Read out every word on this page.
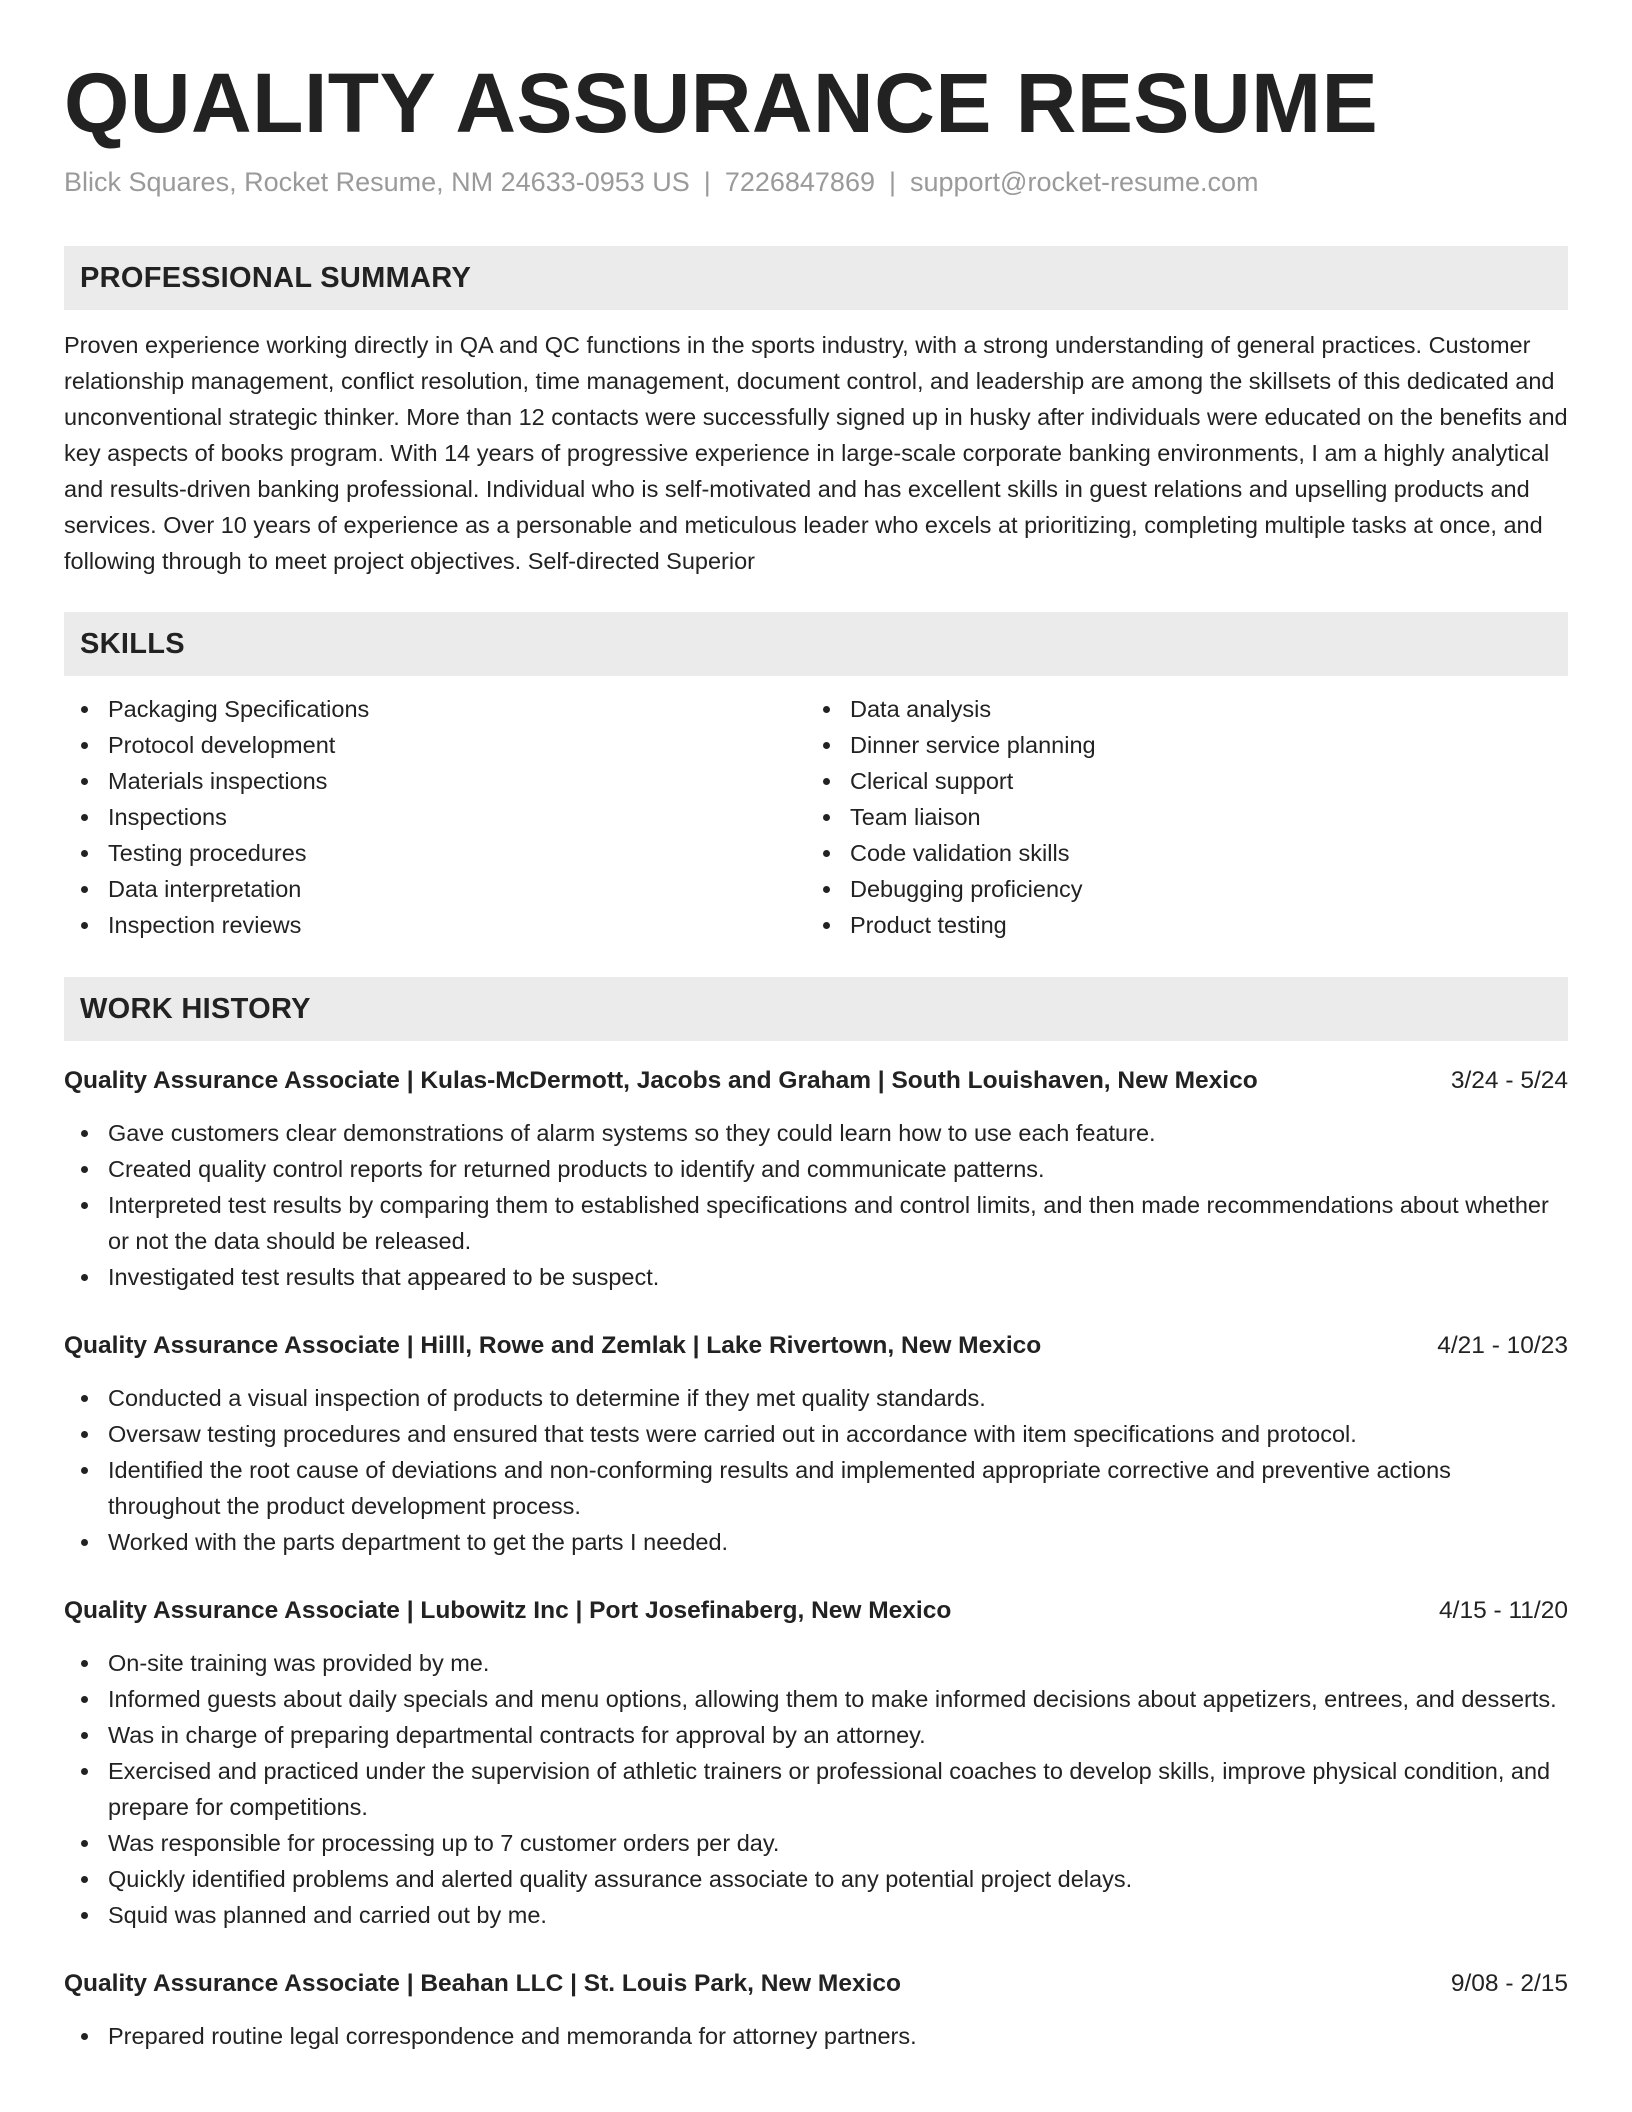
QUALITY ASSURANCE RESUME
Blick Squares, Rocket Resume, NM 24633-0953 US | 7226847869 | support@rocket-resume.com
PROFESSIONAL SUMMARY

Proven experience working directly in QA and QC functions in the sports industry, with a strong understanding of general practices. Customer relationship management, conflict resolution, time management, document control, and leadership are among the skillsets of this dedicated and unconventional strategic thinker. More than 12 contacts were successfully signed up in husky after individuals were educated on the benefits and key aspects of books program. With 14 years of progressive experience in large-scale corporate banking environments, I am a highly analytical and results-driven banking professional. Individual who is self-motivated and has excellent skills in guest relations and upselling products and services. Over 10 years of experience as a personable and meticulous leader who excels at prioritizing, completing multiple tasks at once, and following through to meet project objectives. Self-directed Superior

SKILLS
Packaging Specifications
Protocol development
Materials inspections
Inspections
Testing procedures
Data interpretation
Inspection reviews
Data analysis
Dinner service planning
Clerical support
Team liaison
Code validation skills
Debugging proficiency
Product testing
WORK HISTORY
Quality Assurance Associate | Kulas-McDermott, Jacobs and Graham | South Louishaven, New Mexico	3/24 - 5/24
Gave customers clear demonstrations of alarm systems so they could learn how to use each feature.
Created quality control reports for returned products to identify and communicate patterns.
Interpreted test results by comparing them to established specifications and control limits, and then made recommendations about whether or not the data should be released.
Investigated test results that appeared to be suspect.
Quality Assurance Associate | Hilll, Rowe and Zemlak | Lake Rivertown, New Mexico	4/21 - 10/23
Conducted a visual inspection of products to determine if they met quality standards.
Oversaw testing procedures and ensured that tests were carried out in accordance with item specifications and protocol.
Identified the root cause of deviations and non-conforming results and implemented appropriate corrective and preventive actions throughout the product development process.
Worked with the parts department to get the parts I needed.
Quality Assurance Associate | Lubowitz Inc | Port Josefinaberg, New Mexico	4/15 - 11/20
On-site training was provided by me.
Informed guests about daily specials and menu options, allowing them to make informed decisions about appetizers, entrees, and desserts.
Was in charge of preparing departmental contracts for approval by an attorney.
Exercised and practiced under the supervision of athletic trainers or professional coaches to develop skills, improve physical condition, and prepare for competitions.
Was responsible for processing up to 7 customer orders per day.
Quickly identified problems and alerted quality assurance associate to any potential project delays.
Squid was planned and carried out by me.
Quality Assurance Associate | Beahan LLC | St. Louis Park, New Mexico	9/08 - 2/15
Prepared routine legal correspondence and memoranda for attorney partners.
